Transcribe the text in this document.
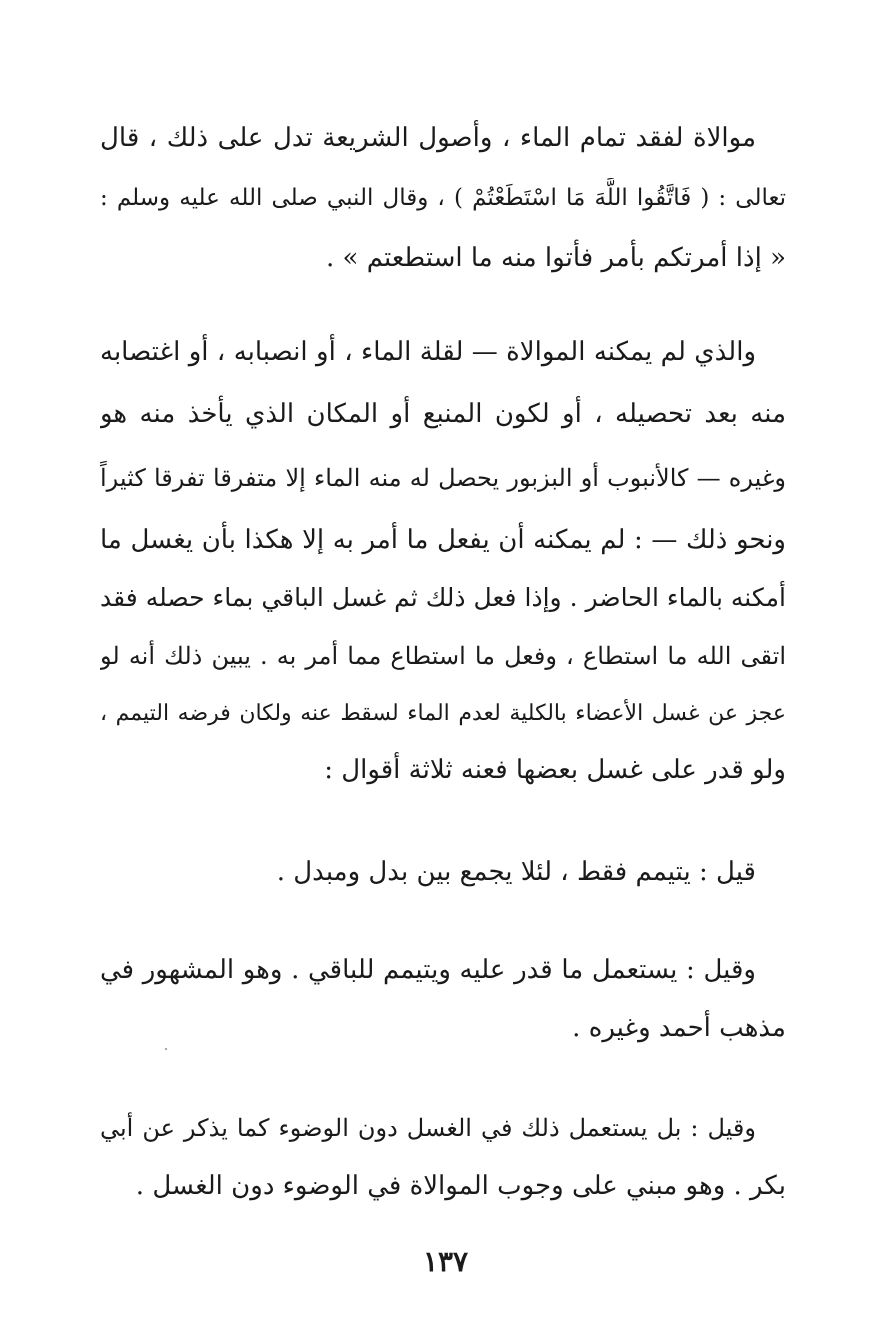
موالاة لفقد تمام الماء ، وأصول الشريعة تدل على ذلك ، قال
تعالى : ( فَاتَّقُوا اللَّهَ مَا اسْتَطَعْتُمْ ) ، وقال النبي صلى الله عليه وسلم :
« إذا أمرتكم بأمر فأتوا منه ما استطعتم » .
والذي لم يمكنه الموالاة — لقلة الماء ، أو انصبابه ، أو اغتصابه
منه بعد تحصيله ، أو لكون المنبع أو المكان الذي يأخذ منه هو
وغيره — كالأنبوب أو البزبور يحصل له منه الماء إلا متفرقا تفرقا كثيراً
ونحو ذلك — : لم يمكنه أن يفعل ما أمر به إلا هكذا بأن يغسل ما
أمكنه بالماء الحاضر . وإذا فعل ذلك ثم غسل الباقي بماء حصله فقد
اتقى الله ما استطاع ، وفعل ما استطاع مما أمر به . يبين ذلك أنه لو
عجز عن غسل الأعضاء بالكلية لعدم الماء لسقط عنه ولكان فرضه التيمم ،
ولو قدر على غسل بعضها فعنه ثلاثة أقوال :
قيل : يتيمم فقط ، لئلا يجمع بين بدل ومبدل .
وقيل : يستعمل ما قدر عليه ويتيمم للباقي . وهو المشهور في
مذهب أحمد وغيره .
وقيل : بل يستعمل ذلك في الغسل دون الوضوء كما يذكر عن أبي
بكر . وهو مبني على وجوب الموالاة في الوضوء دون الغسل .
١٣٧
